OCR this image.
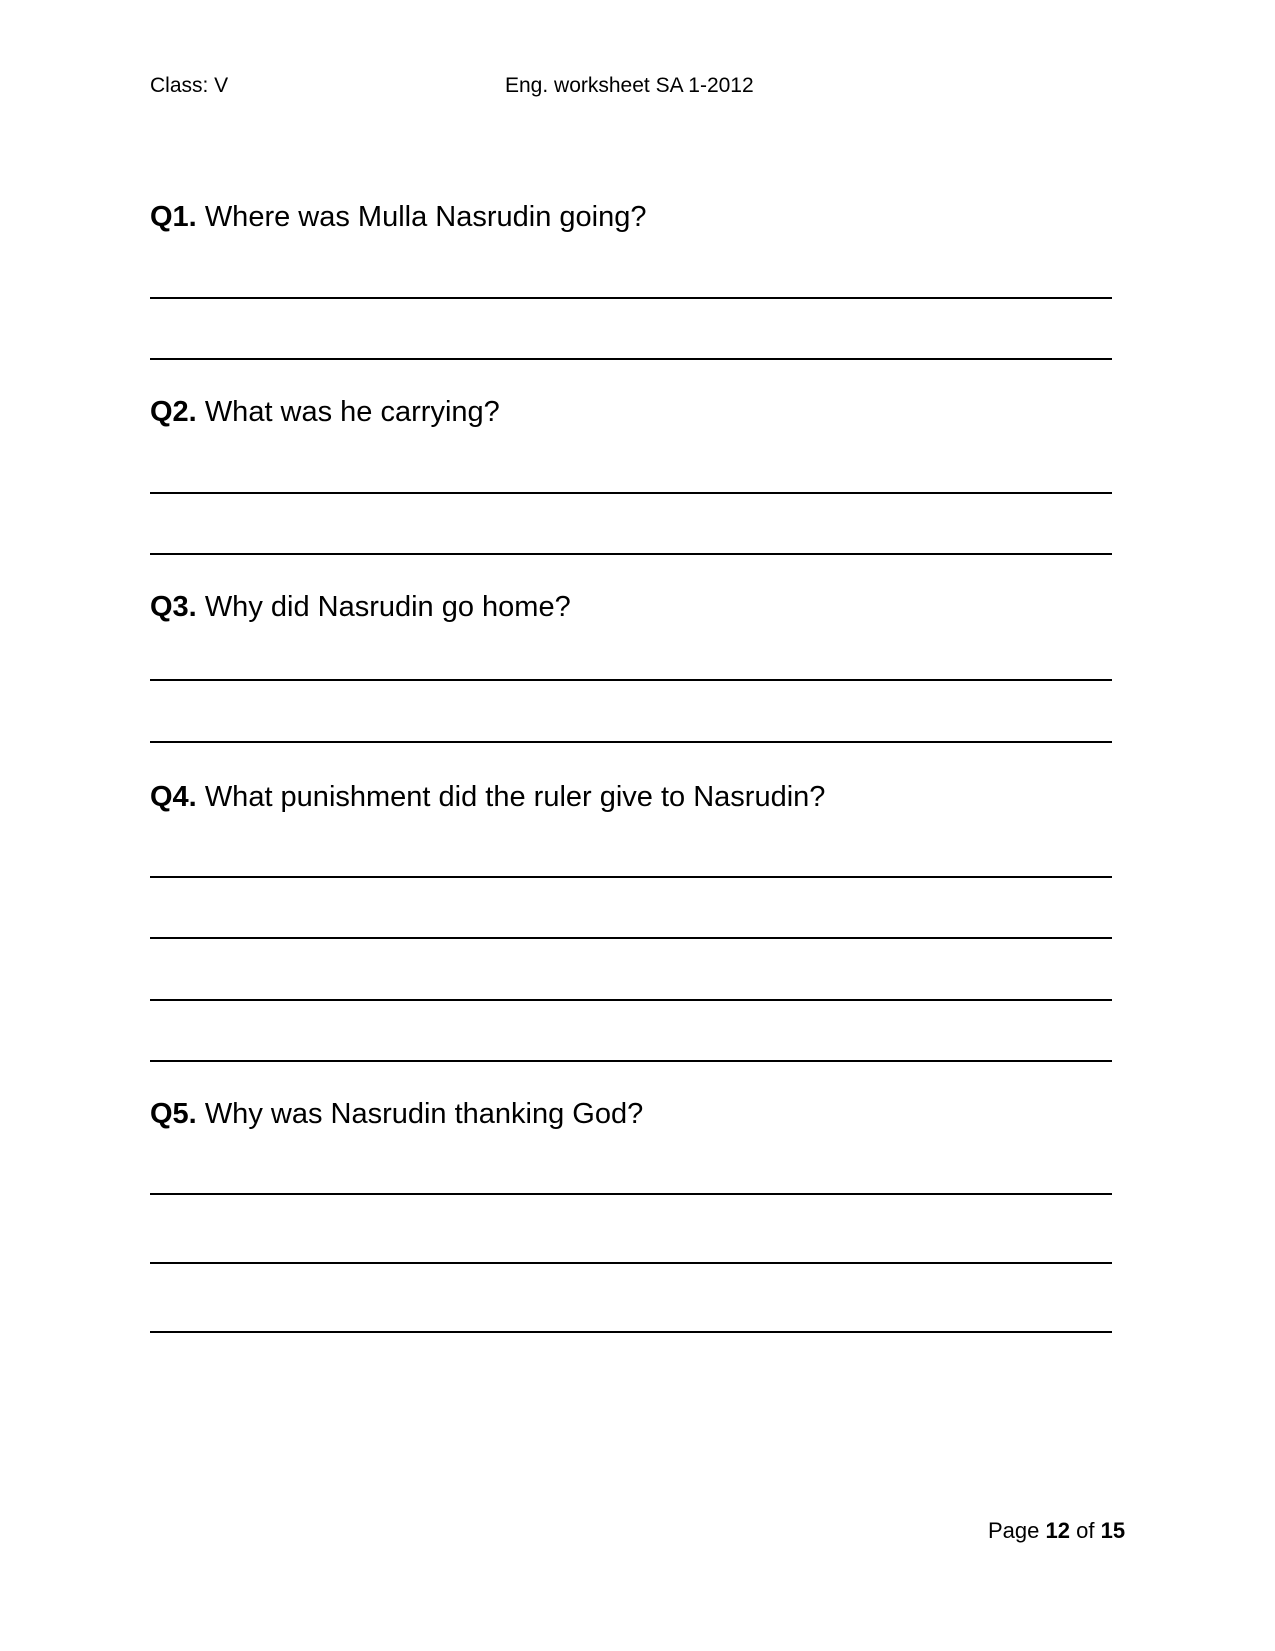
Class: V	Eng. worksheet SA 1-2012
Q1. Where was Mulla Nasrudin going?
Q2. What was he carrying?
Q3. Why did Nasrudin go home?
Q4. What punishment did the ruler give to Nasrudin?
Q5. Why was Nasrudin thanking God?
Page 12 of 15
